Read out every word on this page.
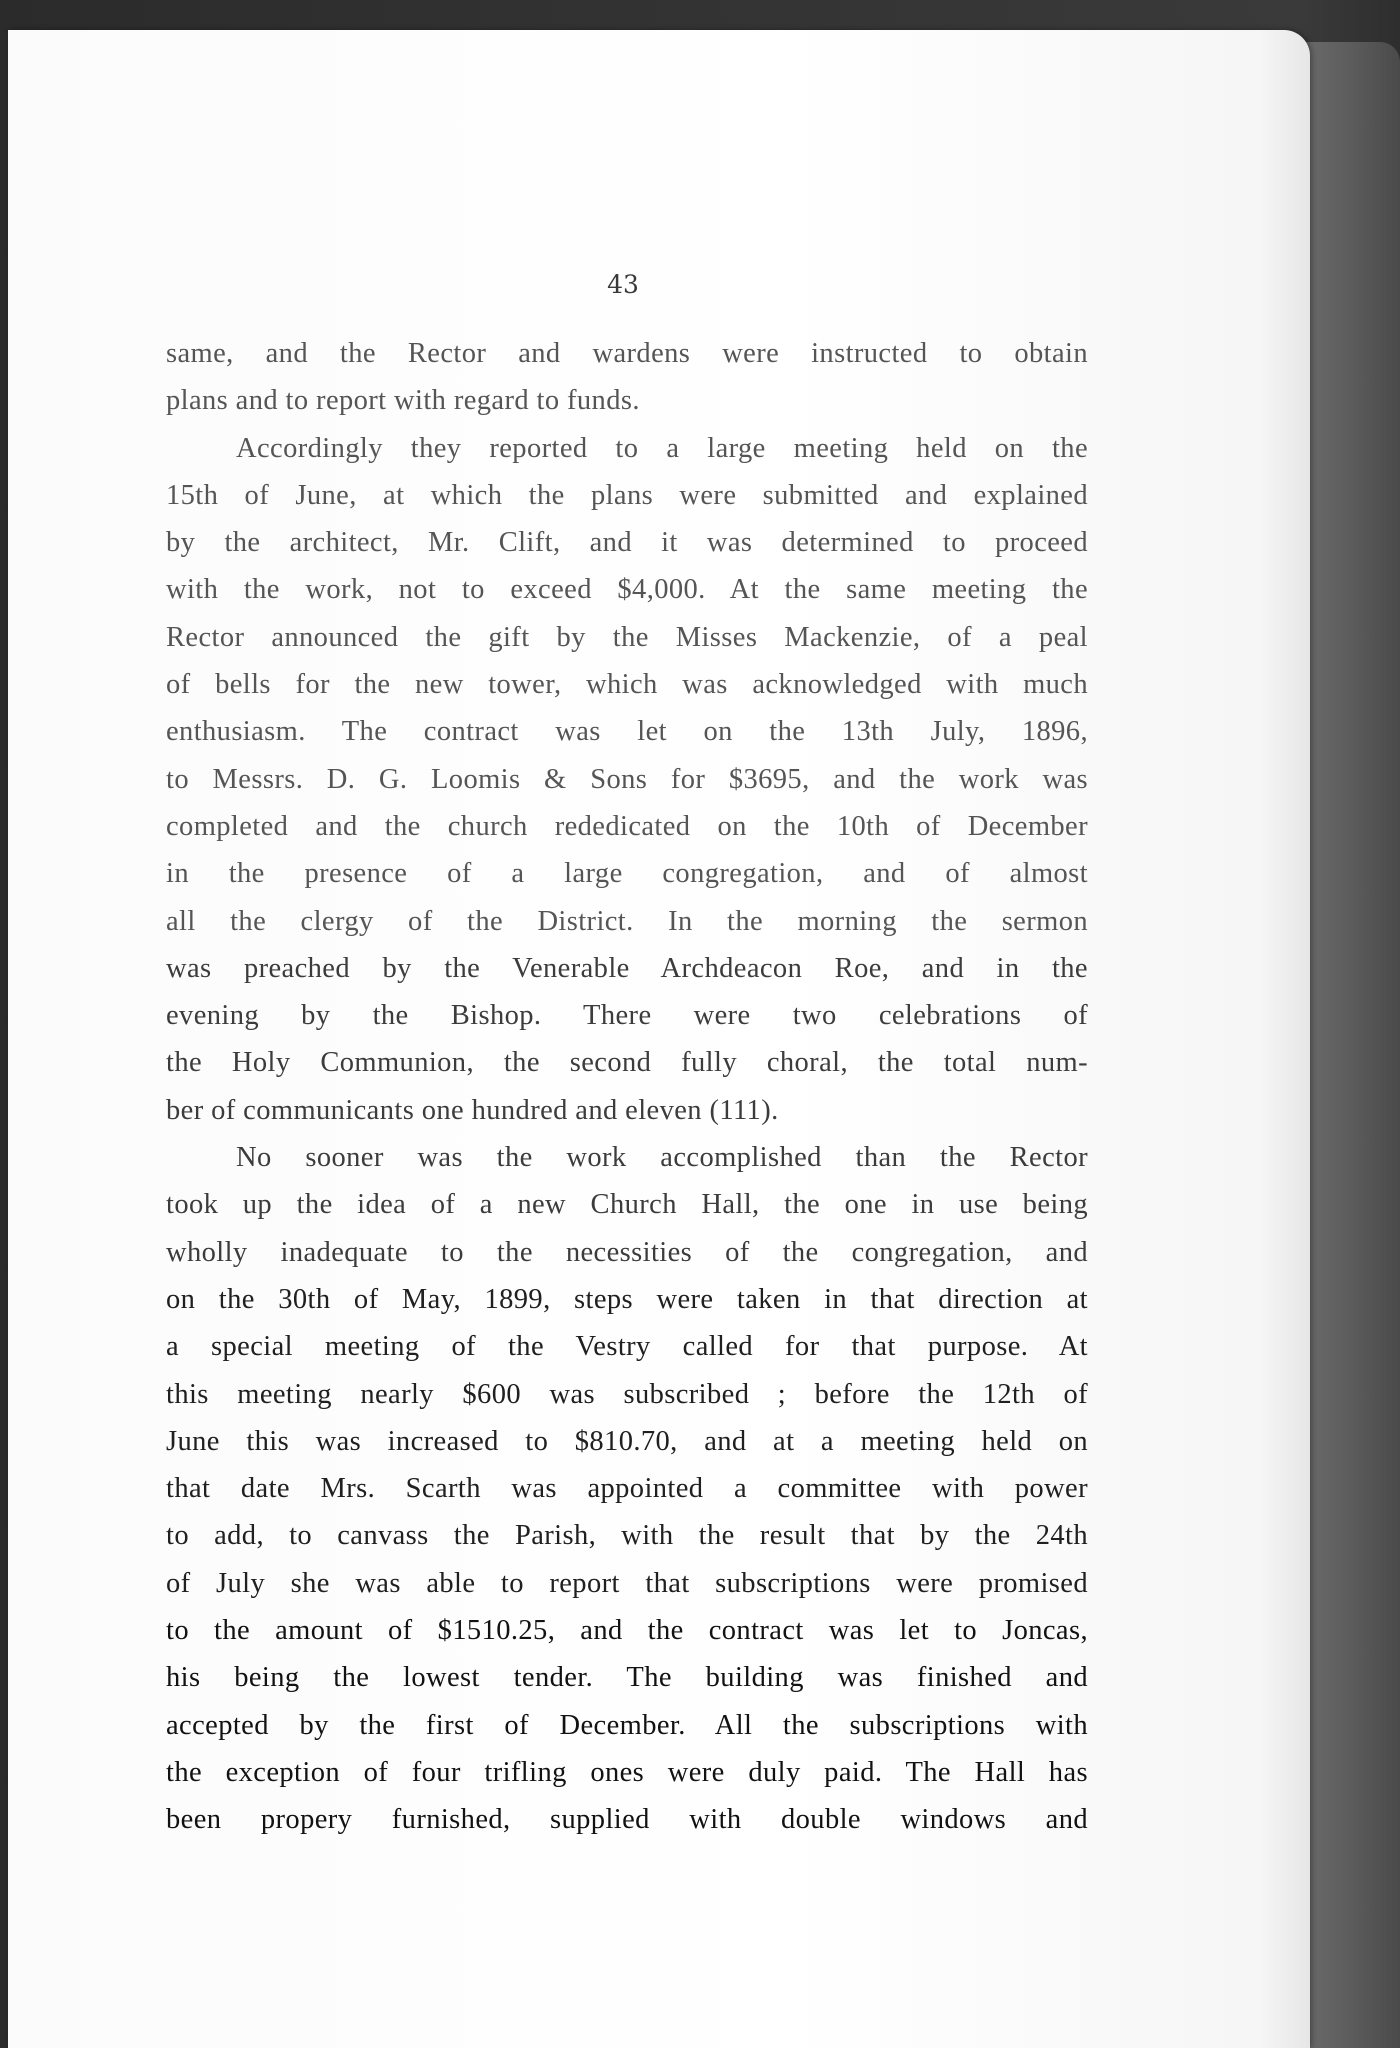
43
same, and the Rector and wardens were instructed to obtain
plans and to report with regard to funds.
Accordingly they reported to a large meeting held on the
15th of June, at which the plans were submitted and explained
by the architect, Mr. Clift, and it was determined to proceed
with the work, not to exceed $4,000. At the same meeting the
Rector announced the gift by the Misses Mackenzie, of a peal
of bells for the new tower, which was acknowledged with much
enthusiasm. The contract was let on the 13th July, 1896,
to Messrs. D. G. Loomis & Sons for $3695, and the work was
completed and the church rededicated on the 10th of December
in the presence of a large congregation, and of almost
all the clergy of the District. In the morning the sermon
was preached by the Venerable Archdeacon Roe, and in the
evening by the Bishop. There were two celebrations of
the Holy Communion, the second fully choral, the total num-
ber of communicants one hundred and eleven (111).
No sooner was the work accomplished than the Rector
took up the idea of a new Church Hall, the one in use being
wholly inadequate to the necessities of the congregation, and
on the 30th of May, 1899, steps were taken in that direction at
a special meeting of the Vestry called for that purpose. At
this meeting nearly $600 was subscribed ; before the 12th of
June this was increased to $810.70, and at a meeting held on
that date Mrs. Scarth was appointed a committee with power
to add, to canvass the Parish, with the result that by the 24th
of July she was able to report that subscriptions were promised
to the amount of $1510.25, and the contract was let to Joncas,
his being the lowest tender. The building was finished and
accepted by the first of December. All the subscriptions with
the exception of four trifling ones were duly paid. The Hall has
been propery furnished, supplied with double windows and
